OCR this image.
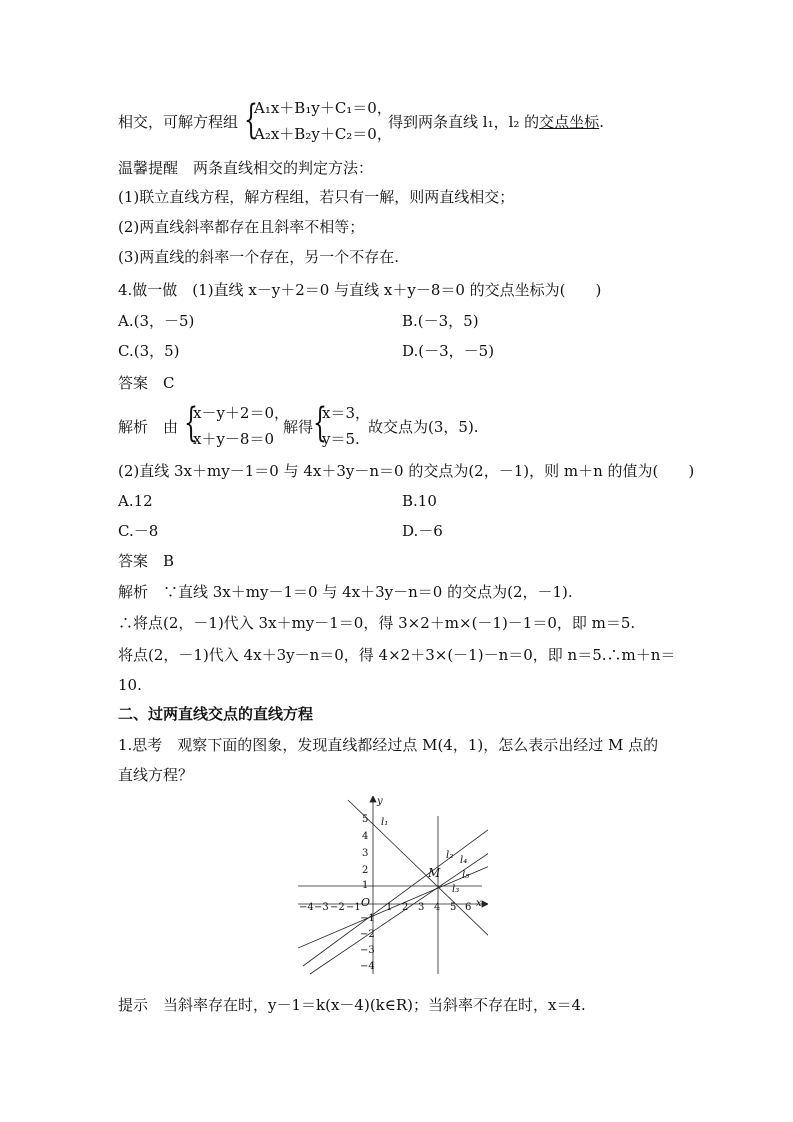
相交，可解方程组 {
A₁x＋B₁y＋C₁＝0，
A₂x＋B₂y＋C₂＝0，
得到两条直线 l₁，l₂ 的交点坐标.
温馨提醒　两条直线相交的判定方法：
(1)联立直线方程，解方程组，若只有一解，则两直线相交；
(2)两直线斜率都存在且斜率不相等；
(3)两直线的斜率一个存在，另一个不存在.
4.做一做　(1)直线 x－y＋2＝0 与直线 x＋y－8＝0 的交点坐标为(　　)
A.(3，－5)	B.(－3，5)
C.(3，5)	D.(－3，－5)
答案　C
解析　由 {
x－y＋2＝0，
x＋y－8＝0
解得 {
x＝3，
y＝5.
故交点为(3，5).
(2)直线 3x＋my－1＝0 与 4x＋3y－n＝0 的交点为(2，－1)，则 m＋n 的值为(　　)
A.12	B.10
C.－8	D.－6
答案　B
解析　∵直线 3x＋my－1＝0 与 4x＋3y－n＝0 的交点为(2，－1).
∴将点(2，－1)代入 3x＋my－1＝0，得 3×2＋m×(－1)－1＝0，即 m＝5.
将点(2，－1)代入 4x＋3y－n＝0，得 4×2＋3×(－1)－n＝0，即 n＝5.∴m＋n＝
10.
二、过两直线交点的直线方程
1.思考　观察下面的图象，发现直线都经过点 M(4，1)，怎么表示出经过 M 点的
直线方程？
y
x
O
M
−4 −3 −2 −1	1 2 3 4 5 6
5
4
3
2
1
−1
−2
−3
−4
l₁
l₂ l₄
l₅
l₃
提示　当斜率存在时，y－1＝k(x－4)(k∈R)；当斜率不存在时，x＝4.
